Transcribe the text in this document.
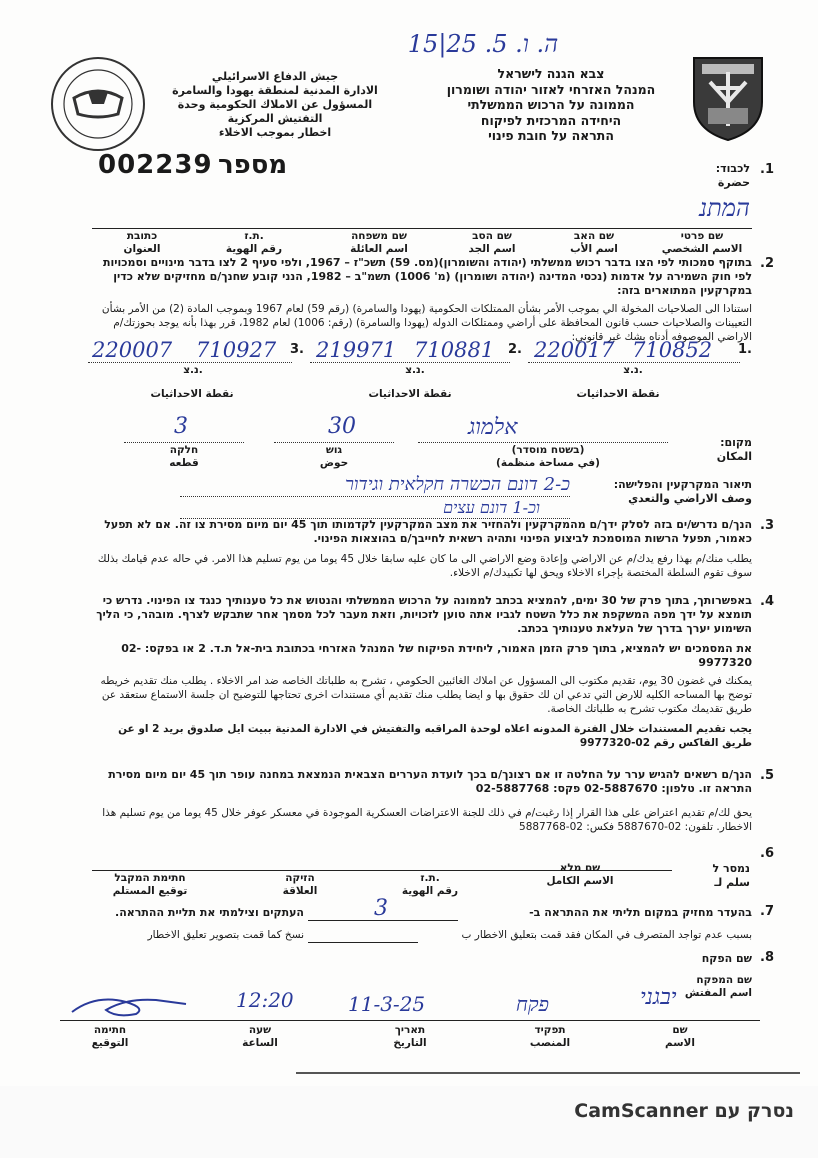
ה. ו. 5. 25|15
צבא הגנה לישראל
המנהל האזרחי לאזור יהודה ושומרון
הממונה על הרכוש הממשלתי
היחידה המרכזית לפיקוח
התראה על חובת פינוי
جيش الدفاع الاسرائيلي
الادارة المدنية لمنطقة يهودا والسامرة
المسؤول عن الاملاك الحكومية وحدة
التفتيش المركزية
اخطار بموجب الاخلاء
002239 מספר	.1
לכבוד:
حضرة
המתנ
שם פרטי
الاسم الشخصي
שם האב
اسم الأب
שם הסב
اسم الجد
שם משפחה
اسم العائلة
ת.ז.
رقم الهوية
כתובת
العنوان
.2
בתוקף סמכותי לפי הצו בדבר רכוש ממשלתי (יהודה והשומרון)(מס. 59) תשכ"ז – 1967, ולפי סעיף 2 לצו בדבר מינויים וסמכויות לפי חוק השמירה על אדמות (נכסי המדינה (יהודה ושומרון) (מ' 1006) תשמ"ב – 1982, הנני קובע שחנך/ם מחזיקים שלא כדין במקרקעין המתוארים בזה:
استنادا الى الصلاحيات المخولة الي بموجب الأمر بشأن الممتلكات الحكومية (يهودا والسامرة) (رقم 59) لعام 1967 وبموجب المادة (2) من الأمر بشأن التعيينات والصلاحيات حسب قانون المحافظة على أراضي وممتلكات الدوله (يهودا والسامرة) (رقم: 1006) لعام 1982، قرر بهذا بأنه يوجد بحوزتك/م الاراضي الموصوفه أدناه بشك غير قانوني:
1.
710852
220017
נ.צ.
2.
710881
219971
נ.צ.
3.
710927
220007
נ.צ.
نقطة الاحداثيات
نقطة الاحداثيات
نقطة الاحداثيات
מקום:
المكان
אלמוג
(בשטח מוסדר)
(في مساحة منظمة)
30
גוש
حوض
3
חלקה
قطعه
תיאור המקרקעין והפלישה:
وصف الاراضي والتعدي
כ-2 דונם הכשרה חקלאית וגידור
וכ-1 דונם עצים
.3
הנך/ם נדרש/ים בזה לסלק ידך/ם מהמקרקעין ולהחזיר את מצב המקרקעין לקדמותו תוך 45 יום מיום מסירת צו זה. אם לא תפעל כאמור, תפעל הרשות המוסמכת לביצוע הפינוי ותהיה רשאית לחייבך/ם בהוצאות הפינוי.
يطلب منك/م بهذا رفع يدك/م عن الاراضي وإعادة وضع الاراضي الى ما كان عليه سابقا خلال 45 يوما من يوم تسليم هذا الامر. في حاله عدم قيامك بذلك سوف تقوم السلطة المختصة بإجراء الاخلاء ويحق لها تكبيدك/م الاخلاء.
.4
באפשרותך, בתוך פרק של 30 ימים, להמציא בכתב לממונה על הרכוש הממשלתי והנטוש את כל טענותיך כנגד צו הפינוי. נדרש כי תומצא על ידך מפה המשקפת את כלל השטח לגביו אתה טוען לזכויות, וזאת מעבר לכל מסמך אחר שתבקש לצרף. מובהר, כי הליך השימוע יערך בדרך של העלאת טענותיך בכתב.
את המסמכים יש להמציא, בתוך פרק הזמן האמור, ליחידת הפיקוח של המנהל האזרחי בכתובת בית-אל ת.ד. 2 או בפקס: 02-9977320
يمكنك في غضون 30 يوم، تقديم مكتوب الى المسؤول عن املاك الغائبين الحكومي ، تشرح به طلباتك الخاصه ضد امر الاخلاء . يطلب منك تقديم خريطه توضح بها المساحه الكليه للارض التي تدعي ان لك حقوق بها و ايضا يطلب منك تقديم أي مستندات اخرى تحتاجها للتوضيح ان جلسة الاستماع ستعقد عن طريق تقديمك مكتوب تشرح به طلباتك الخاصة.
يجب تقديم المستندات خلال الفترة المدونه اعلاه لوحدة المراقبه والتفتيش في الادارة المدنية ببيت ايل صلدوق بريد 2 او عن طريق الفاكس رقم 02-9977320
.5
הנך/ם רשאים להגיש ערר על החלטה זו אם רצונך/ם בכך לועדת העררים הצבאית הנמצאת במחנה עופר תוך 45 יום מיום מסירת התראה זו. טלפון: 02-5887670 פקס: 02-5887768
يحق لك/م تقديم اعتراض على هذا القرار إذا رغبت/م في ذلك للجنة الاعتراضات العسكرية الموجودة في معسكر عوفر خلال 45 يوما من يوم تسليم هذا الاخطار. تلفون: 02-5887670 فكس: 02-5887768
.6
נמסר ל
سلم لـ
שם מלא
الاسم الكامل
ת.ז.
رقم الهوية
הזיקה
العلاقة
חתימת המקבל
توقيع المستلم
.7
בהעדר מחזיק במקום תליתי את ההתראה ב-
3
העתקים וצילמתי את תליית ההתראה.
بسبب عدم تواجد المتصرف في المكان فقد قمت بتعليق الاخطار ب
نسخ كما قمت بتصوير تعليق الاخطار
.8
שם הפקח
שם המפקח
اسم المفتش
יבגני
פקח
11-3-25
12:20
שם
الاسم
תפקיד
المنصب
תאריך
التاريخ
שעה
الساعة
חתימה
التوقيع
נסרק עם CamScanner
